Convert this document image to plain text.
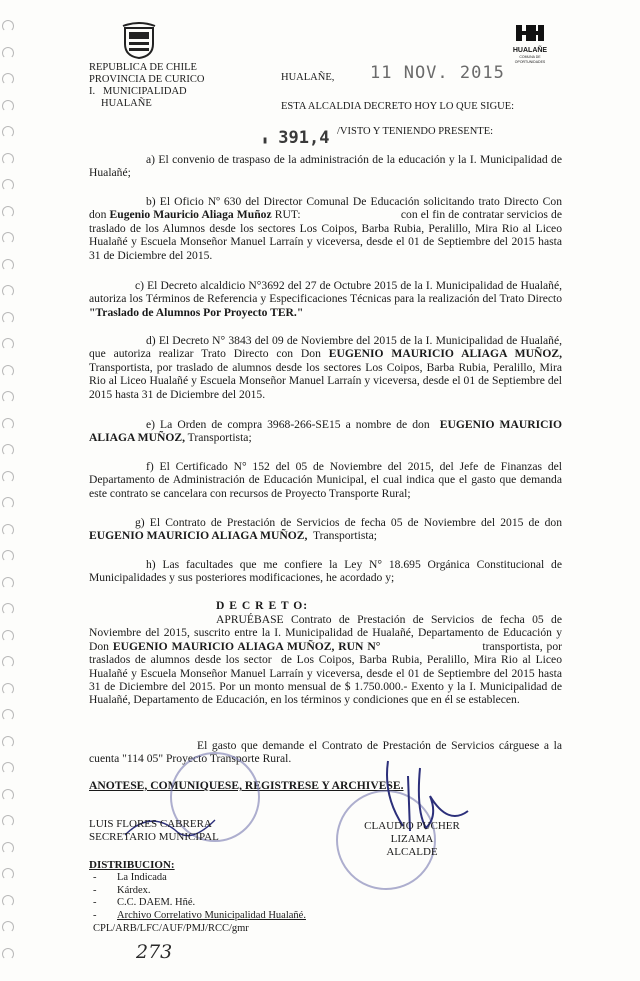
HUALAÑE
COMUNA DE OPORTUNIDADES
REPUBLICA DE CHILE
PROVINCIA DE CURICO
I.   MUNICIPALIDAD
HUALAÑE
HUALAÑE, 11 NOV. 2015
ESTA ALCALDIA DECRETO HOY LO QUE SIGUE:
▮ 391,4 /VISTO Y TENIENDO PRESENTE:
a) El convenio de traspaso de la administración de la educación y la I. Municipalidad de Hualañé;
b) El Oficio Nº 630 del Director Comunal De Educación solicitando trato Directo Con don Eugenio Mauricio Aliaga Muñoz RUT:                                con el fin de contratar servicios de traslado de los Alumnos desde los sectores Los Coipos, Barba Rubia, Peralillo, Mira Rio al Liceo Hualañé y Escuela Monseñor Manuel Larraín y viceversa, desde el 01 de Septiembre del 2015 hasta 31 de Diciembre del 2015.
c) El Decreto alcaldicio N°3692 del 27 de Octubre 2015 de la I. Municipalidad de Hualañé, autoriza los Términos de Referencia y Especificaciones Técnicas para la realización del Trato Directo "Traslado de Alumnos Por Proyecto TER."
d) El Decreto N° 3843 del 09 de Noviembre del 2015 de la I. Municipalidad de Hualañé, que autoriza realizar Trato Directo con Don EUGENIO MAURICIO ALIAGA MUÑOZ, Transportista, por traslado de alumnos desde los sectores Los Coipos, Barba Rubia, Peralillo, Mira Rio al Liceo Hualañé y Escuela Monseñor Manuel Larraín y viceversa, desde el 01 de Septiembre del 2015 hasta 31 de Diciembre del 2015.
e) La Orden de compra 3968-266-SE15 a nombre de don  EUGENIO MAURICIO ALIAGA MUÑOZ, Transportista;
f) El Certificado N° 152 del 05 de Noviembre del 2015, del Jefe de Finanzas del Departamento de Administración de Educación Municipal, el cual indica que el gasto que demanda este contrato se cancelara con recursos de Proyecto Transporte Rural;
g) El Contrato de Prestación de Servicios de fecha 05 de Noviembre del 2015 de don EUGENIO MAURICIO ALIAGA MUÑOZ,  Transportista;
h) Las facultades que me confiere la Ley N° 18.695 Orgánica Constitucional de Municipalidades y sus posteriores modificaciones, he acordado y;
D E C R E T O:
APRUÉBASE Contrato de Prestación de Servicios de fecha 05 de Noviembre del 2015, suscrito entre la I. Municipalidad de Hualañé, Departamento de Educación y Don EUGENIO MAURICIO ALIAGA MUÑOZ, RUN N°                          transportista, por traslados de alumnos desde los sector  de Los Coipos, Barba Rubia, Peralillo, Mira Rio al Liceo Hualañé y Escuela Monseñor Manuel Larraín y viceversa, desde el 01 de Septiembre del 2015 hasta 31 de Diciembre del 2015. Por un monto mensual de $ 1.750.000.- Exento y la I. Municipalidad de Hualañé, Departamento de Educación, en los términos y condiciones que en él se establecen.
El gasto que demande el Contrato de Prestación de Servicios cárguese a la cuenta "114 05" Proyecto Transporte Rural.
ANOTESE, COMUNIQUESE, REGISTRESE Y ARCHIVESE.
LUIS FLORES CABRERA
SECRETARIO MUNICIPAL
CLAUDIO PUCHER LIZAMA
ALCALDE
DISTRIBUCION:
- La Indicada
- Kárdex.
- C.C. DAEM. Hñé.
- Archivo Correlativo Municipalidad Hualañé.
CPL/ARB/LFC/AUF/PMJ/RCC/gmr
273
